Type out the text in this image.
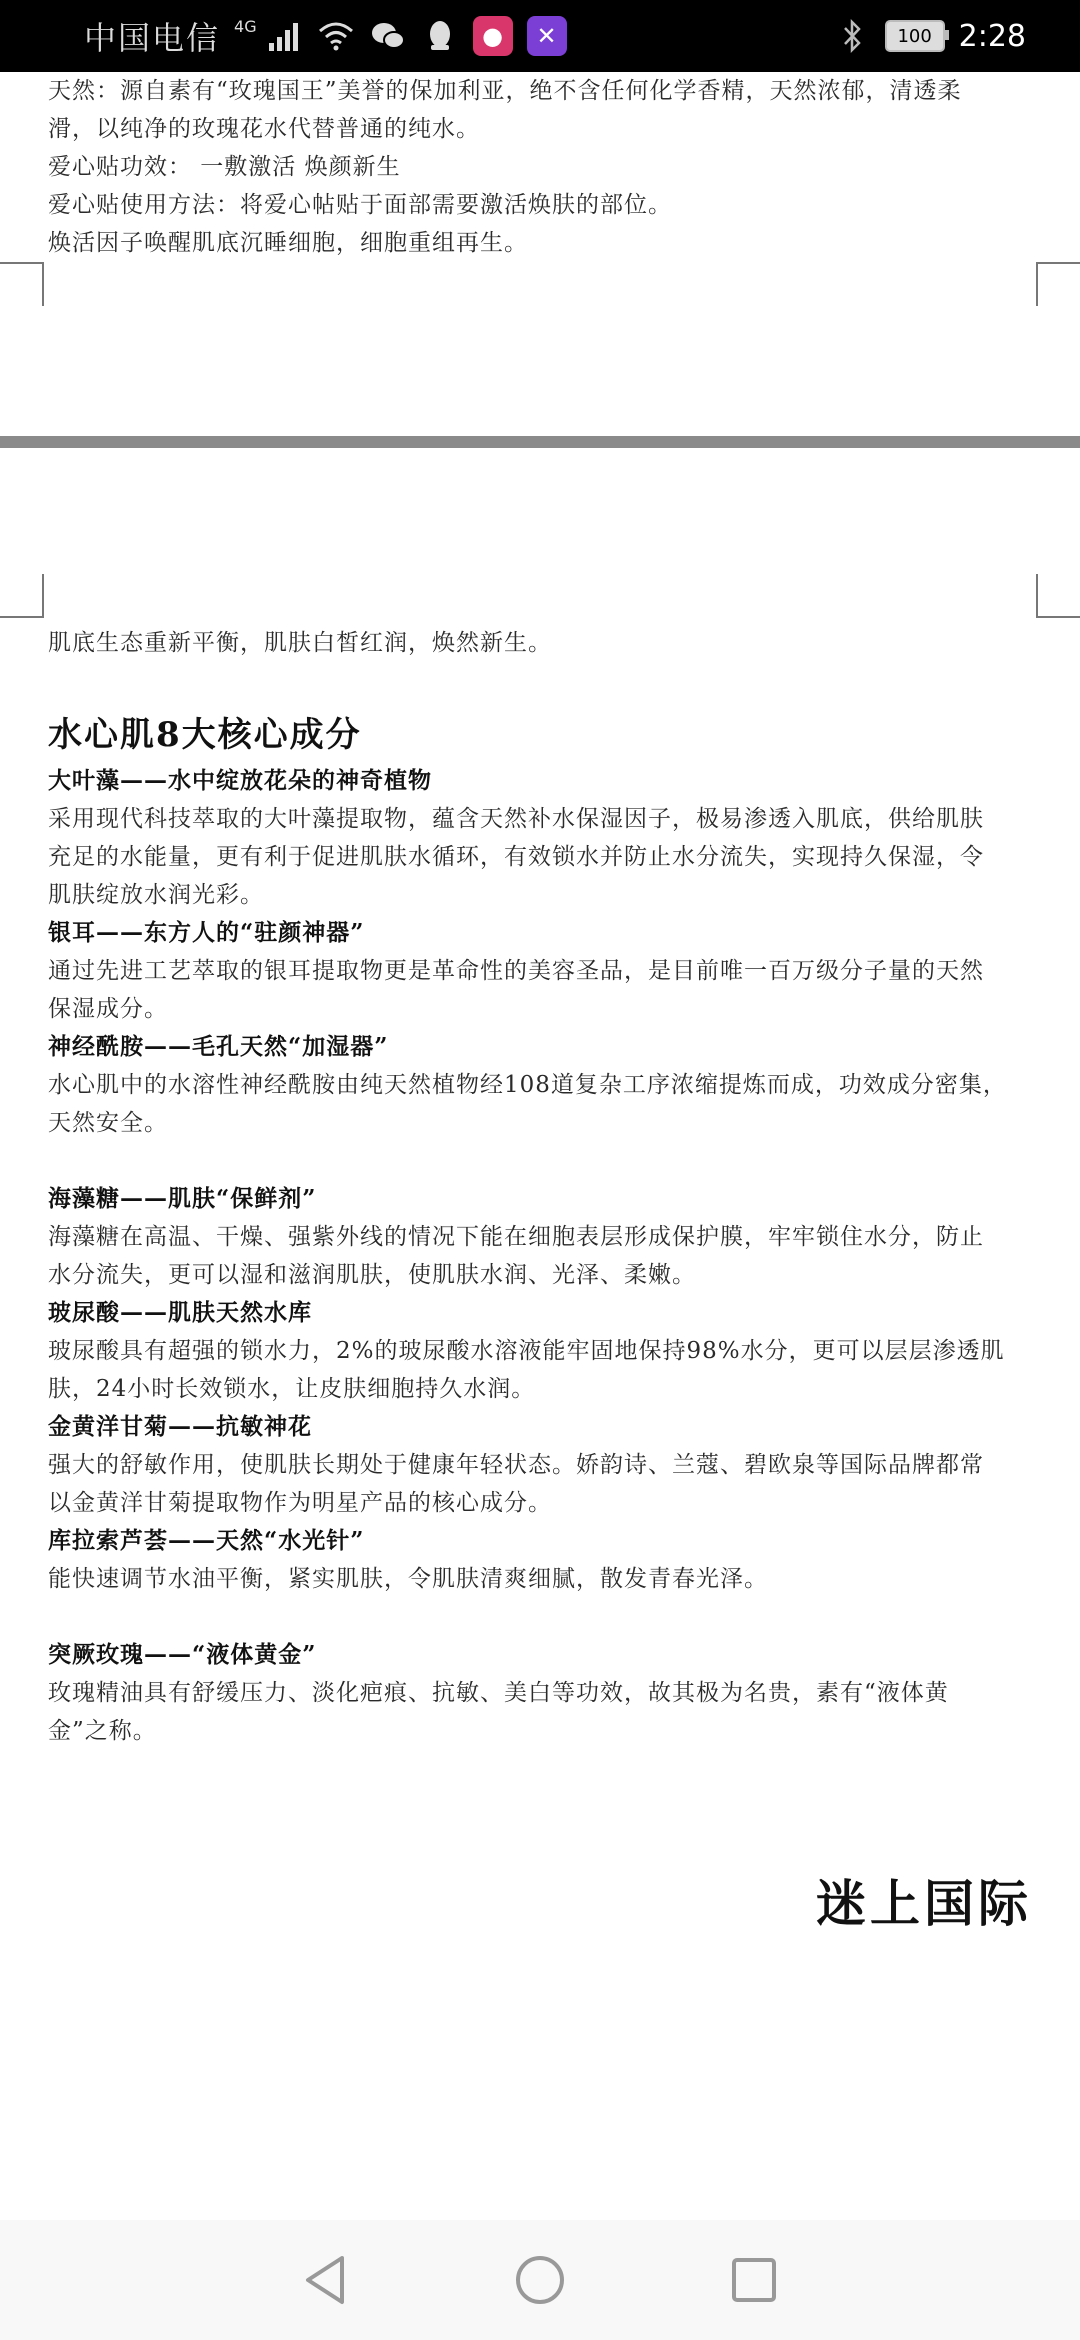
中国电信 4G	●	✕	100 2:28
天然：源自素有“玫瑰国王”美誉的保加利亚，绝不含任何化学香精，天然浓郁，清透柔
滑，以纯净的玫瑰花水代替普通的纯水。
爱心贴功效： 一敷激活 焕颜新生
爱心贴使用方法：将爱心帖贴于面部需要激活焕肤的部位。
焕活因子唤醒肌底沉睡细胞，细胞重组再生。
肌底生态重新平衡，肌肤白皙红润，焕然新生。
水心肌8大核心成分
大叶藻——水中绽放花朵的神奇植物
采用现代科技萃取的大叶藻提取物，蕴含天然补水保湿因子，极易渗透入肌底，供给肌肤
充足的水能量，更有利于促进肌肤水循环，有效锁水并防止水分流失，实现持久保湿，令
肌肤绽放水润光彩。
银耳——东方人的“驻颜神器”
通过先进工艺萃取的银耳提取物更是革命性的美容圣品，是目前唯一百万级分子量的天然
保湿成分。
神经酰胺——毛孔天然“加湿器”
水心肌中的水溶性神经酰胺由纯天然植物经108道复杂工序浓缩提炼而成，功效成分密集，
天然安全。
海藻糖——肌肤“保鲜剂”
海藻糖在高温、干燥、强紫外线的情况下能在细胞表层形成保护膜，牢牢锁住水分，防止
水分流失，更可以湿和滋润肌肤，使肌肤水润、光泽、柔嫩。
玻尿酸——肌肤天然水库
玻尿酸具有超强的锁水力，2%的玻尿酸水溶液能牢固地保持98%水分，更可以层层渗透肌
肤，24小时长效锁水，让皮肤细胞持久水润。
金黄洋甘菊——抗敏神花
强大的舒敏作用，使肌肤长期处于健康年轻状态。娇韵诗、兰蔻、碧欧泉等国际品牌都常
以金黄洋甘菊提取物作为明星产品的核心成分。
库拉索芦荟——天然“水光针”
能快速调节水油平衡，紧实肌肤，令肌肤清爽细腻，散发青春光泽。
突厥玫瑰——“液体黄金”
玫瑰精油具有舒缓压力、淡化疤痕、抗敏、美白等功效，故其极为名贵，素有“液体黄
金”之称。
迷上国际
